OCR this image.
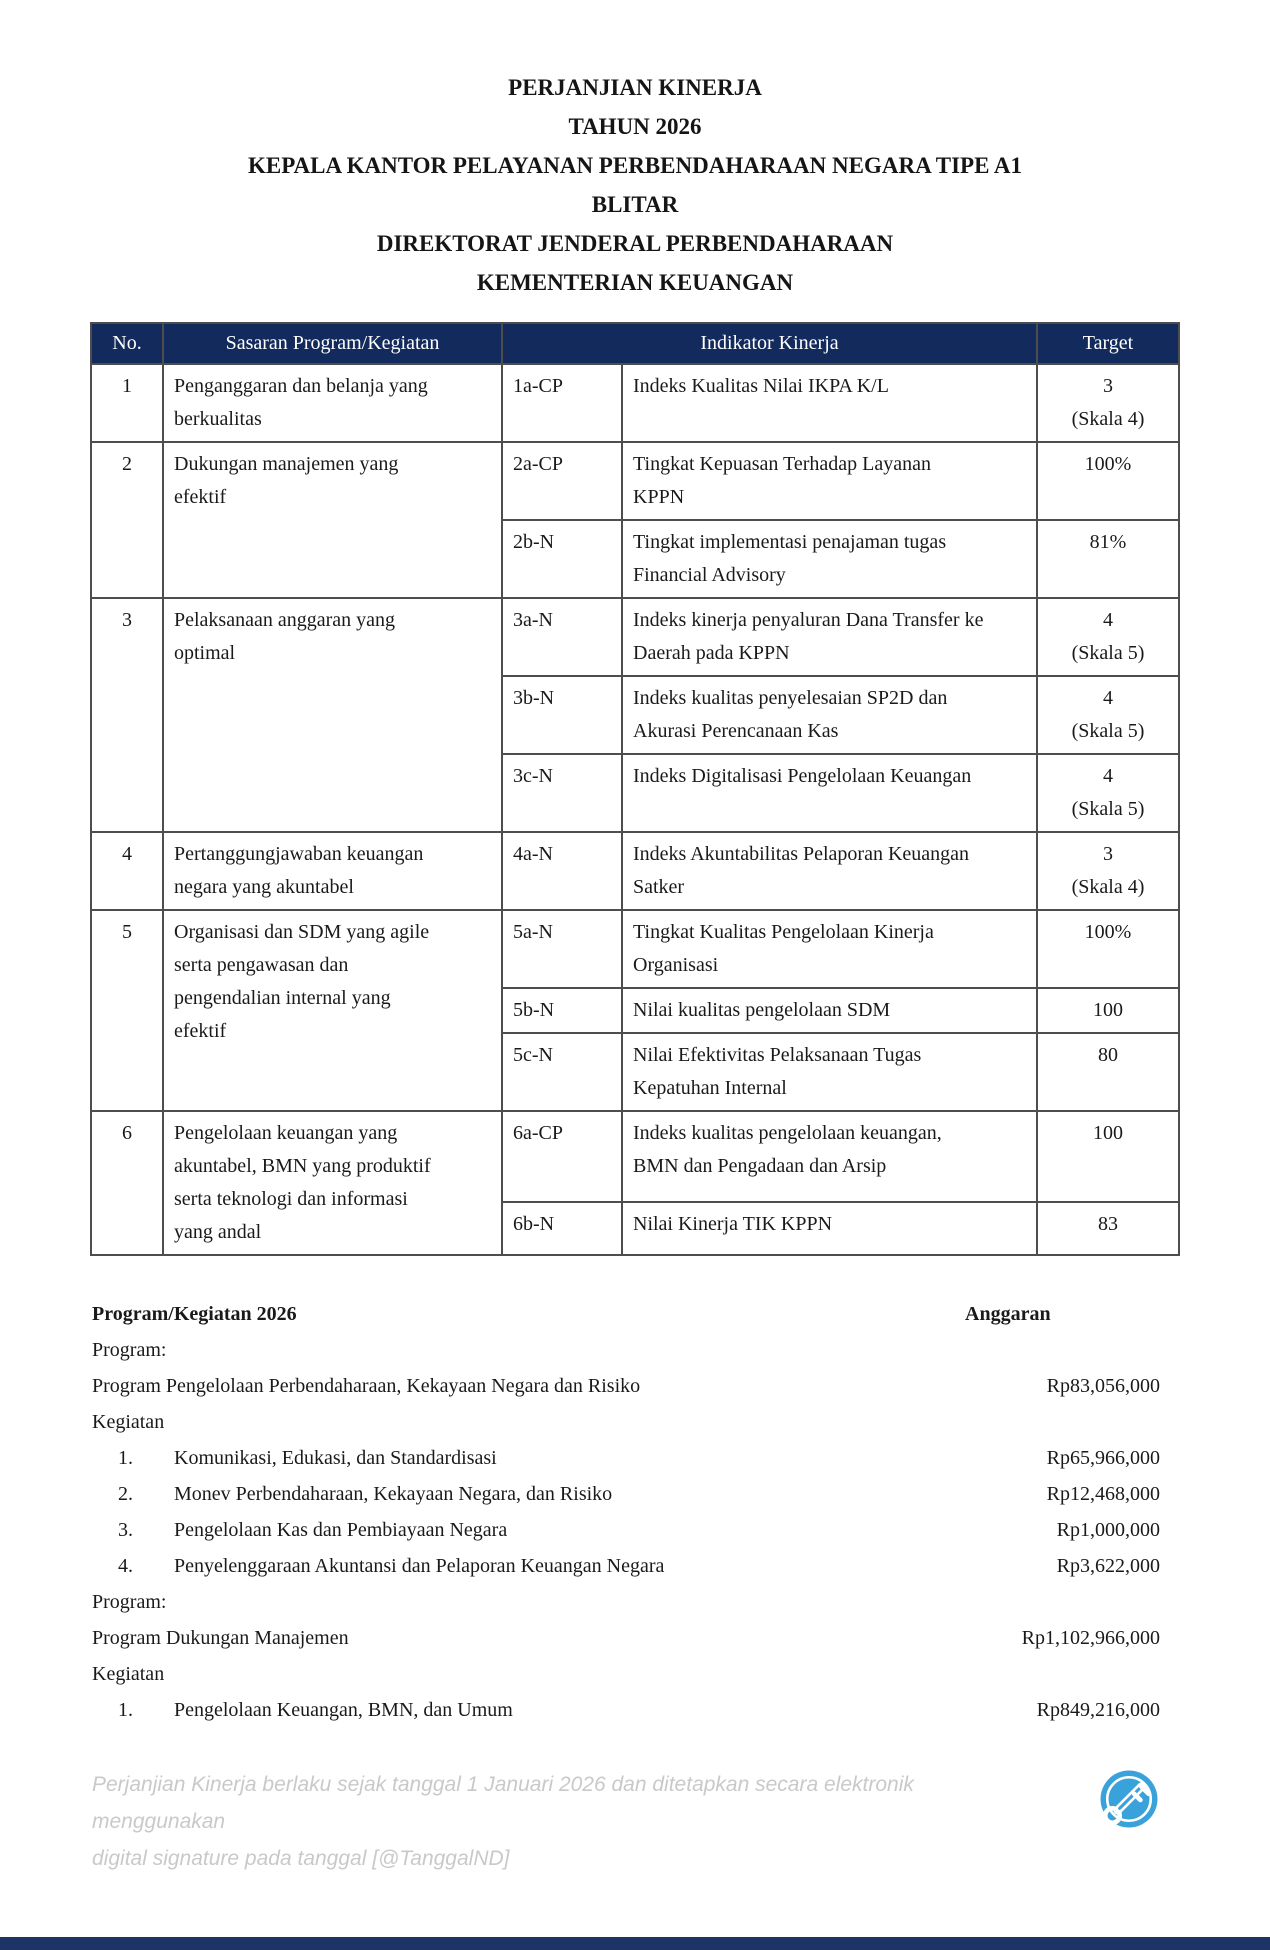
PERJANJIAN KINERJA
TAHUN 2026
KEPALA KANTOR PELAYANAN PERBENDAHARAAN NEGARA TIPE A1
BLITAR
DIREKTORAT JENDERAL PERBENDAHARAAN
KEMENTERIAN KEUANGAN
No.	Sasaran Program/Kegiatan	Indikator Kinerja		Target
1	Penganggaran dan belanja yang berkualitas	1a-CP	Indeks Kualitas Nilai IKPA K/L	3
(Skala 4)

2	Dukungan manajemen yang efektif	2a-CP	Tingkat Kepuasan Terhadap Layanan KPPN	100%

		2b-N	Tingkat implementasi penajaman tugas Financial Advisory	81%

3	Pelaksanaan anggaran yang optimal	3a-N	Indeks kinerja penyaluran Dana Transfer ke Daerah pada KPPN	4
(Skala 5)

		3b-N	Indeks kualitas penyelesaian SP2D dan Akurasi Perencanaan Kas	4
(Skala 5)

		3c-N	Indeks Digitalisasi Pengelolaan Keuangan	4
(Skala 5)

4	Pertanggungjawaban keuangan negara yang akuntabel	4a-N	Indeks Akuntabilitas Pelaporan Keuangan Satker	3
(Skala 4)

5	Organisasi dan SDM yang agile serta pengawasan dan pengendalian internal yang efektif	5a-N	Tingkat Kualitas Pengelolaan Kinerja Organisasi	100%

		5b-N	Nilai kualitas pengelolaan SDM	100

		5c-N	Nilai Efektivitas Pelaksanaan Tugas Kepatuhan Internal	80

6	Pengelolaan keuangan yang akuntabel, BMN yang produktif serta teknologi dan informasi yang andal	6a-CP	Indeks kualitas pengelolaan keuangan, BMN dan Pengadaan dan Arsip	100

		6b-N	Nilai Kinerja TIK KPPN	83
Program/Kegiatan 2026	Anggaran
Program:
Program Pengelolaan Perbendaharaan, Kekayaan Negara dan Risiko	Rp83,056,000
Kegiatan
1. Komunikasi, Edukasi, dan Standardisasi	Rp65,966,000
2. Monev Perbendaharaan, Kekayaan Negara, dan Risiko	Rp12,468,000
3. Pengelolaan Kas dan Pembiayaan Negara	Rp1,000,000
4. Penyelenggaraan Akuntansi dan Pelaporan Keuangan Negara	Rp3,622,000
Program:
Program Dukungan Manajemen	Rp1,102,966,000
Kegiatan
1. Pengelolaan Keuangan, BMN, dan Umum	Rp849,216,000
Perjanjian Kinerja berlaku sejak tanggal 1 Januari 2026 dan ditetapkan secara elektronik menggunakan
digital signature pada tanggal [@TanggalND]
